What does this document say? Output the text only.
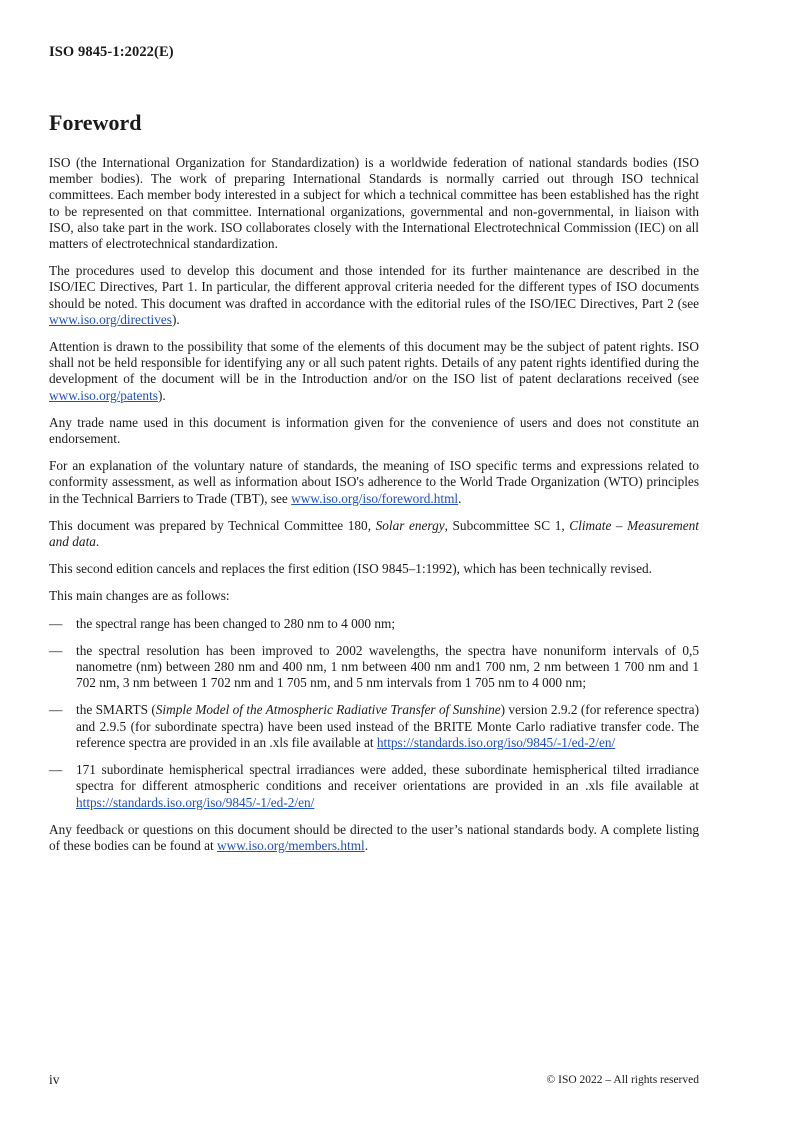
ISO 9845-1:2022(E)
Foreword

ISO (the International Organization for Standardization) is a worldwide federation of national standards bodies (ISO member bodies). The work of preparing International Standards is normally carried out through ISO technical committees. Each member body interested in a subject for which a technical committee has been established has the right to be represented on that committee. International organizations, governmental and non-governmental, in liaison with ISO, also take part in the work. ISO collaborates closely with the International Electrotechnical Commission (IEC) on all matters of electrotechnical standardization.

The procedures used to develop this document and those intended for its further maintenance are described in the ISO/IEC Directives, Part 1. In particular, the different approval criteria needed for the different types of ISO documents should be noted. This document was drafted in accordance with the editorial rules of the ISO/IEC Directives, Part 2 (see www.iso.org/directives).

Attention is drawn to the possibility that some of the elements of this document may be the subject of patent rights. ISO shall not be held responsible for identifying any or all such patent rights. Details of any patent rights identified during the development of the document will be in the Introduction and/or on the ISO list of patent declarations received (see www.iso.org/patents).

Any trade name used in this document is information given for the convenience of users and does not constitute an endorsement.

For an explanation of the voluntary nature of standards, the meaning of ISO specific terms and expressions related to conformity assessment, as well as information about ISO's adherence to the World Trade Organization (WTO) principles in the Technical Barriers to Trade (TBT), see www.iso.org/iso/foreword.html.

This document was prepared by Technical Committee 180, Solar energy, Subcommittee SC 1, Climate – Measurement and data.

This second edition cancels and replaces the first edition (ISO 9845–1:1992), which has been technically revised.

This main changes are as follows:

— the spectral range has been changed to 280 nm to 4 000 nm;
— the spectral resolution has been improved to 2002 wavelengths, the spectra have nonuniform intervals of 0,5 nanometre (nm) between 280 nm and 400 nm, 1 nm between 400 nm and1 700 nm, 2 nm between 1 700 nm and 1 702 nm, 3 nm between 1 702 nm and 1 705 nm, and 5 nm intervals from 1 705 nm to 4 000 nm;
— the SMARTS (Simple Model of the Atmospheric Radiative Transfer of Sunshine) version 2.9.2 (for reference spectra) and 2.9.5 (for subordinate spectra) have been used instead of the BRITE Monte Carlo radiative transfer code. The reference spectra are provided in an .xls file available at https://standards.iso.org/iso/9845/-1/ed-2/en/
— 171 subordinate hemispherical spectral irradiances were added, these subordinate hemispherical tilted irradiance spectra for different atmospheric conditions and receiver orientations are provided in an .xls file available at https://standards.iso.org/iso/9845/-1/ed-2/en/

Any feedback or questions on this document should be directed to the user’s national standards body. A complete listing of these bodies can be found at www.iso.org/members.html.

iv	© ISO 2022 – All rights reserved
